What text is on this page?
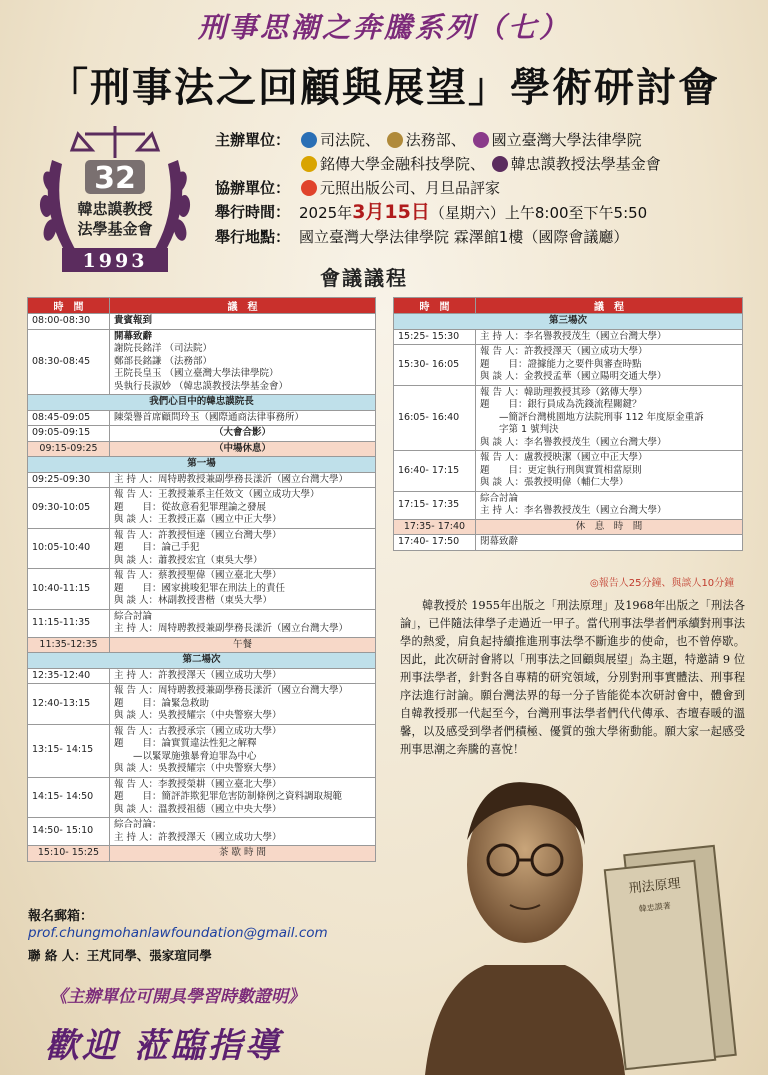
刑事思潮之奔騰系列（七）
「刑事法之回顧與展望」學術研討會
32
韓忠謨教授
法學基金會
1993
主辦單位：	司法院、 法務部、 國立臺灣大學法律學院
銘傳大學金融科技學院、 韓忠謨教授法學基金會
協辦單位：	元照出版公司、月旦品評家
舉行時間： 2025年3月15日（星期六）上午8:00至下午5:50
舉行地點： 國立臺灣大學法律學院 霖澤館1樓（國際會議廳）
會議議程
時　間	議　程
08:00-08:30	貴賓報到

08:30-08:45	開幕致辭
謝院長銘洋 （司法院）
鄭部長銘謙 （法務部）
王院長皇玉 （國立臺灣大學法律學院）
吳執行長淑妙 （韓忠謨教授法學基金會）

我們心目中的韓忠謨院長	
08:45-09:05	陳榮譽首席顧問玲玉（國際通商法律事務所）

09:05-09:15	（大會合影）

09:15-09:25	（中場休息）

第一場	
09:25-09:30	主 持 人：周特聘教授兼副學務長漾沂（國立台灣大學）

09:30-10:05	報 告 人：王教授兼系主任效文（國立成功大學）
題　　目：從故意看犯罪理論之發展
與 談 人：王教授正嘉（國立中正大學）

10:05-10:40	報 告 人：許教授恒達（國立台灣大學）
題　　目：論己手犯
與 談 人：蕭教授宏宜（東吳大學）

10:40-11:15	報 告 人：蔡教授聖偉（國立臺北大學）
題　　目：國家挑唆犯罪在刑法上的責任
與 談 人：林副教授書楷（東吳大學）

11:15-11:35	綜合討論
主 持 人：周特聘教授兼副學務長漾沂（國立台灣大學）

11:35-12:35	午餐

第二場次	
12:35-12:40	主 持 人：許教授澤天（國立成功大學）

12:40-13:15	報 告 人：周特聘教授兼副學務長漾沂（國立台灣大學）
題　　目：論緊急救助
與 談 人：吳教授耀宗（中央警察大學）

13:15- 14:15	報 告 人：古教授承宗（國立成功大學）
題　　目：論實質違法性犯之解釋
　　—以緊眾施強暴脅迫罪為中心
與 談 人：吳教授耀宗（中央警察大學）

14:15- 14:50	報 告 人：李教授榮耕（國立臺北大學）
題　　目：簡評詐欺犯罪危害防制條例之資料調取規範
與 談 人：溫教授祖德（國立中央大學）

14:50- 15:10	綜合討論：
主 持 人：許教授澤天（國立成功大學）

15:10- 15:25	茶 歇 時 間
時　間	議　程
第三場次	
15:25- 15:30	主 持 人：李名譽教授茂生（國立台灣大學）

15:30- 16:05	報 告 人：許教授澤天（國立成功大學）
題　　目：證據能力之要件與審查時點
與 談 人：金教授孟華（國立陽明交通大學）

16:05- 16:40	報 告 人：韓助理教授其珍（銘傳大學）
題　　目：銀行員成為洗錢流程關鍵？
　　—簡評台灣桃園地方法院刑事 112 年度原金重訴
　　字第 1 號判決
與 談 人：李名譽教授茂生（國立台灣大學）

16:40- 17:15	報 告 人：盧教授映潔（國立中正大學）
題　　目：更定執行刑與實質相當原則
與 談 人：張教授明偉（輔仁大學）

17:15- 17:35	綜合討論
主 持 人：李名譽教授茂生（國立台灣大學）

17:35- 17:40	休　息　時　間

17:40- 17:50	閉幕致辭
◎報告人25分鐘、與談人10分鐘
韓教授於 1955年出版之「刑法原理」及1968年出版之「刑法各論」，已伴隨法律學子走過近一甲子。當代刑事法學者們承續對刑事法學的熱愛，肩負起持續推進刑事法學不斷進步的使命，也不曾停歇。因此，此次研討會將以「刑事法之回顧與展望」為主題，特邀請 9 位刑事法學者，針對各自專精的研究領域，分別對刑事實體法、刑事程序法進行討論。願台灣法界的每一分子皆能從本次研討會中，體會到自韓教授那一代起至今，台灣刑事法學者們代代傳承、杏壇春暖的溫馨，以及感受到學者們積極、優質的強大學術動能。願大家一起感受刑事思潮之奔騰的喜悅！
刑法原理
韓忠謨著
報名郵箱：
prof.chungmohanlawfoundation@gmail.com
聯 絡 人：王芃同學、張家瑄同學
《主辦單位可開具學習時數證明》
歡迎 蒞臨指導
